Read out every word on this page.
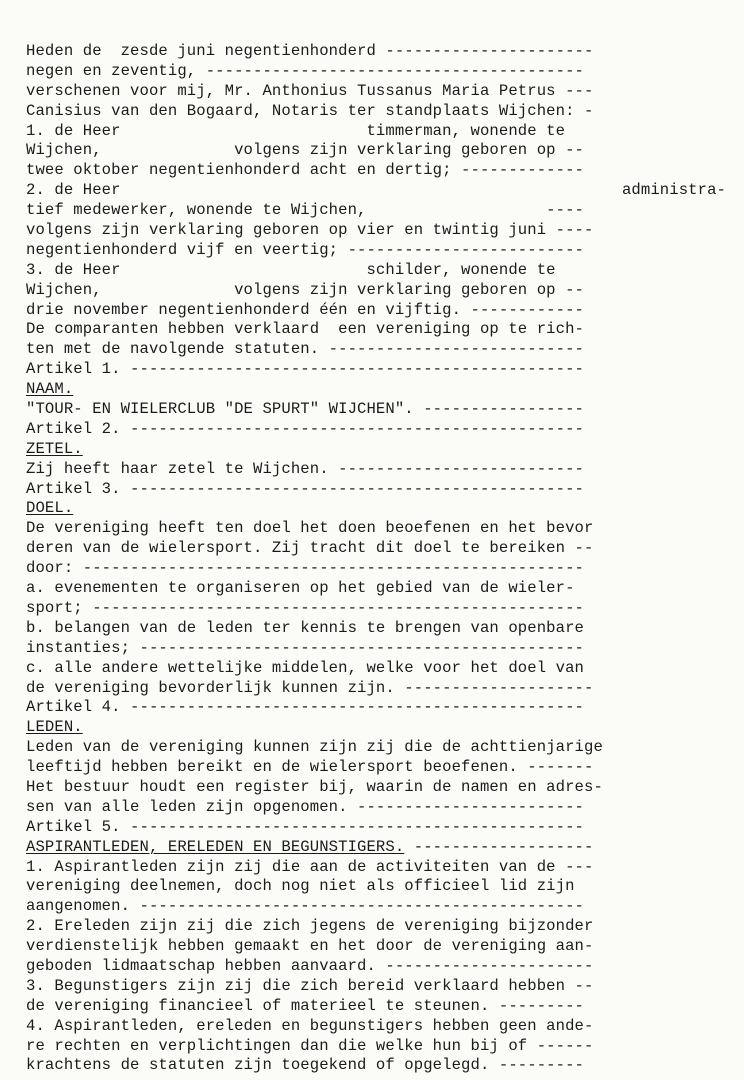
Heden de  zesde juni negentienhonderd ----------------------
negen en zeventig, ----------------------------------------
verschenen voor mij, Mr. Anthonius Tussanus Maria Petrus ---
Canisius van den Bogaard, Notaris ter standplaats Wijchen: -
1. de Heer                          timmerman, wonende te
Wijchen,              volgens zijn verklaring geboren op --
twee oktober negentienhonderd acht en dertig; -------------
2. de Heer	administra-
tief medewerker, wonende te Wijchen,                   ----
volgens zijn verklaring geboren op vier en twintig juni ----
negentienhonderd vijf en veertig; -------------------------
3. de Heer                          schilder, wonende te
Wijchen,              volgens zijn verklaring geboren op --
drie november negentienhonderd één en vijftig. ------------
De comparanten hebben verklaard  een vereniging op te rich-
ten met de navolgende statuten. ---------------------------
Artikel 1. ------------------------------------------------
NAAM.
"TOUR- EN WIELERCLUB "DE SPURT" WIJCHEN". -----------------
Artikel 2. ------------------------------------------------
ZETEL.
Zij heeft haar zetel te Wijchen. --------------------------
Artikel 3. ------------------------------------------------
DOEL.
De vereniging heeft ten doel het doen beoefenen en het bevor
deren van de wielersport. Zij tracht dit doel te bereiken --
door: -----------------------------------------------------
a. evenementen te organiseren op het gebied van de wieler-
sport; ----------------------------------------------------
b. belangen van de leden ter kennis te brengen van openbare
instanties; -----------------------------------------------
c. alle andere wettelijke middelen, welke voor het doel van
de vereniging bevorderlijk kunnen zijn. --------------------
Artikel 4. ------------------------------------------------
LEDEN.
Leden van de vereniging kunnen zijn zij die de achttienjarige
leeftijd hebben bereikt en de wielersport beoefenen. -------
Het bestuur houdt een register bij, waarin de namen en adres-
sen van alle leden zijn opgenomen. ------------------------
Artikel 5. ------------------------------------------------
ASPIRANTLEDEN, ERELEDEN EN BEGUNSTIGERS. -------------------
1. Aspirantleden zijn zij die aan de activiteiten van de ---
vereniging deelnemen, doch nog niet als officieel lid zijn
aangenomen. -----------------------------------------------
2. Ereleden zijn zij die zich jegens de vereniging bijzonder
verdienstelijk hebben gemaakt en het door de vereniging aan-
geboden lidmaatschap hebben aanvaard. ----------------------
3. Begunstigers zijn zij die zich bereid verklaard hebben --
de vereniging financieel of materieel te steunen. ---------
4. Aspirantleden, ereleden en begunstigers hebben geen ande-
re rechten en verplichtingen dan die welke hun bij of ------
krachtens de statuten zijn toegekend of opgelegd. ---------
